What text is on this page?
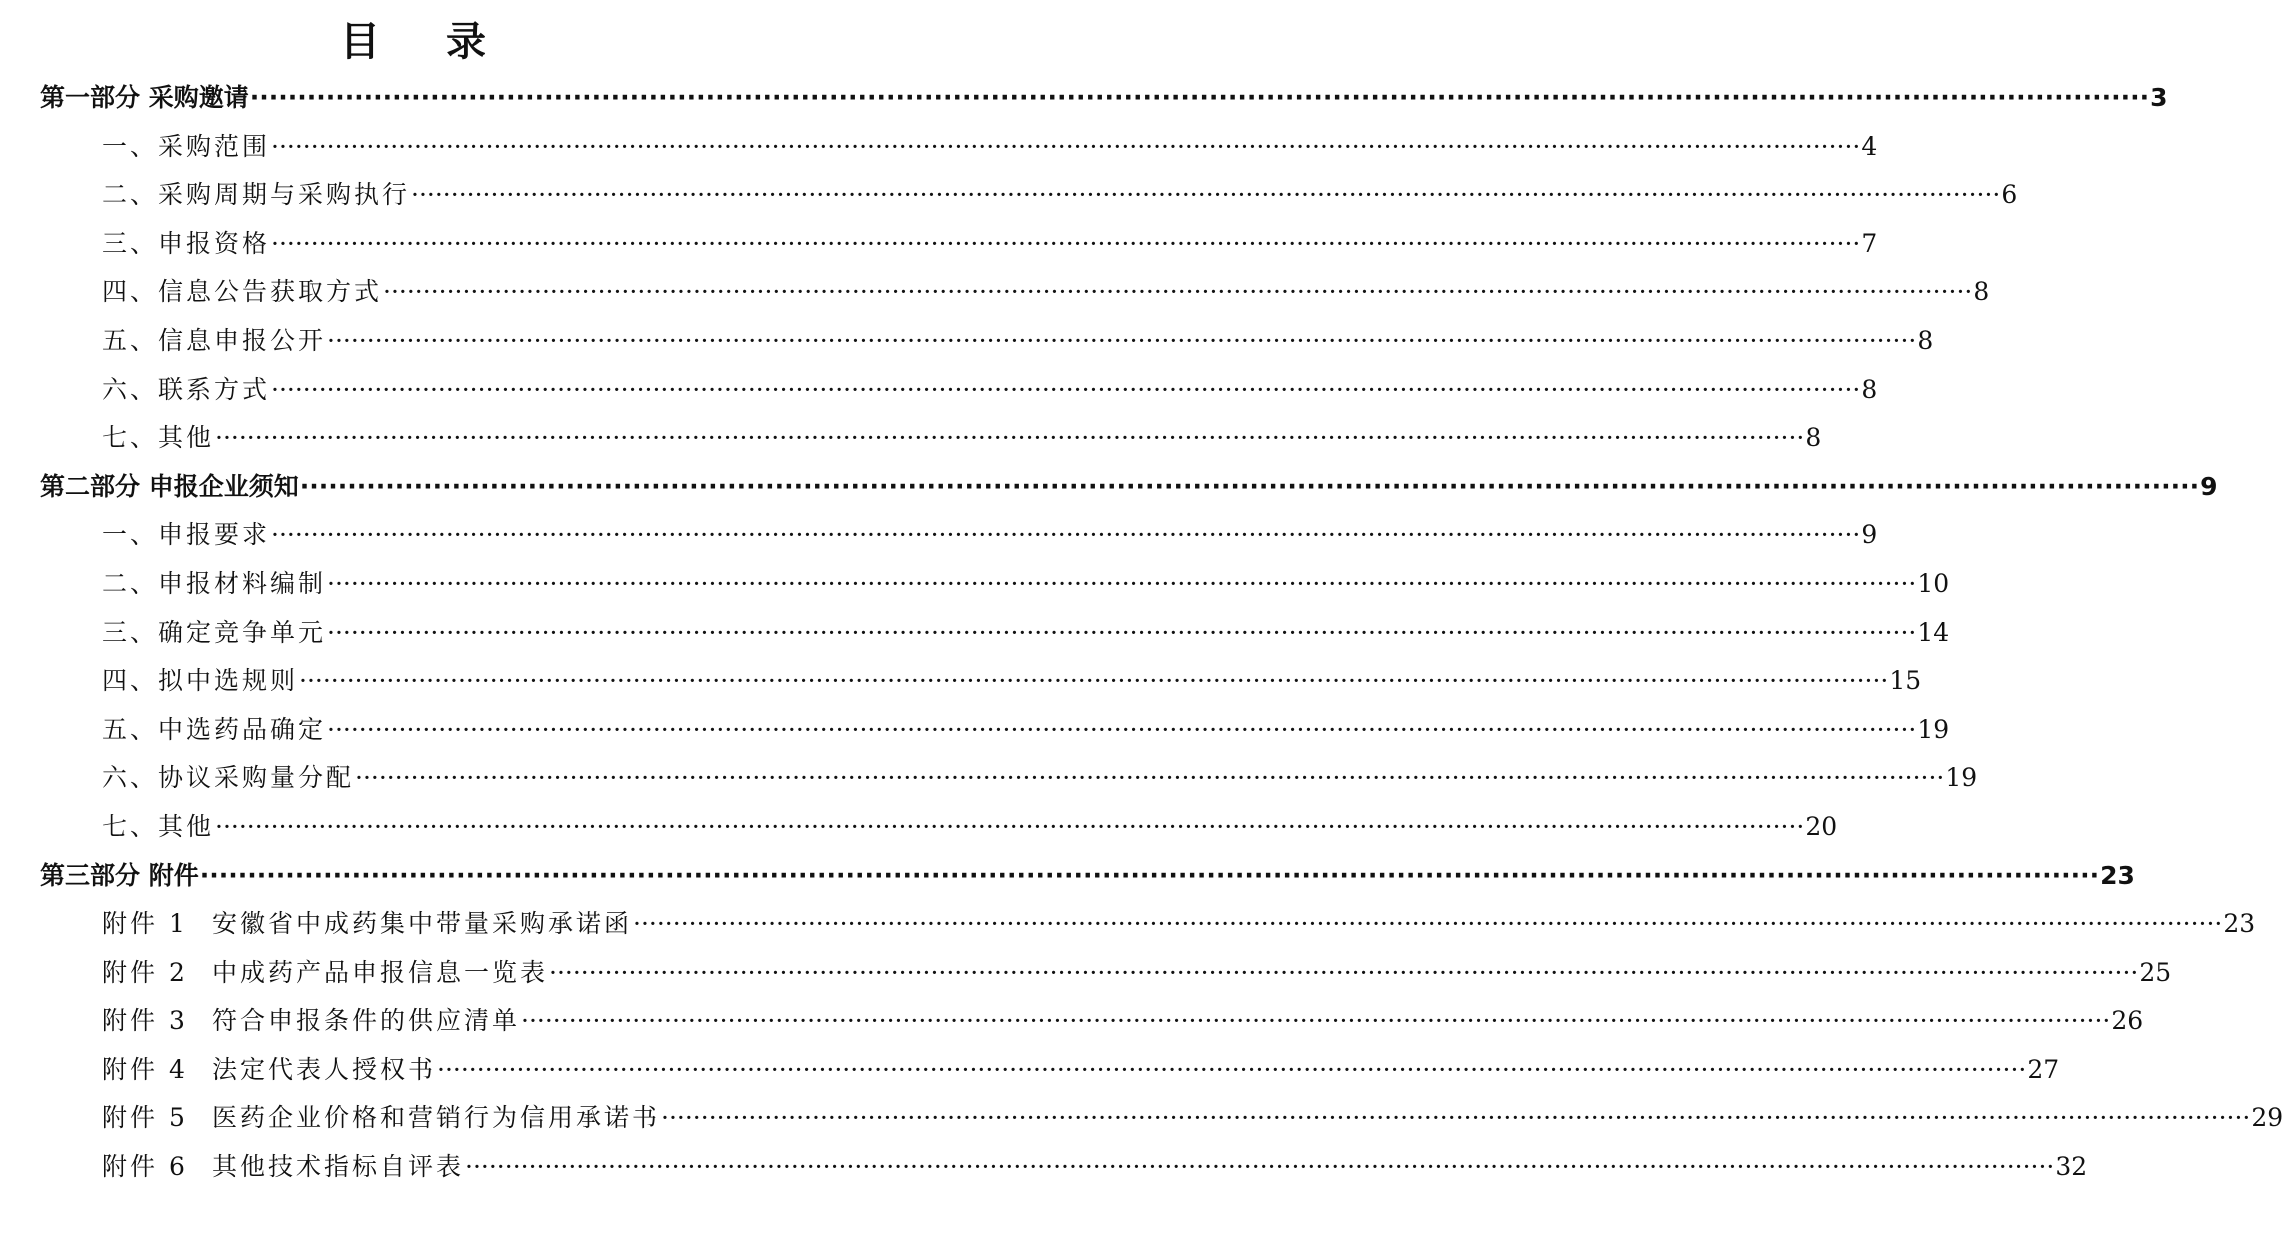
目 录
第一部分 采购邀请 ········································································································································································································ 3
一、采购范围 ········································································································································································································ 4
二、采购周期与采购执行 ········································································································································································································ 6
三、申报资格 ········································································································································································································ 7
四、信息公告获取方式 ········································································································································································································ 8
五、信息申报公开 ········································································································································································································ 8
六、联系方式 ········································································································································································································ 8
七、其他 ········································································································································································································ 8
第二部分 申报企业须知 ········································································································································································································ 9
一、申报要求 ········································································································································································································ 9
二、申报材料编制 ········································································································································································································ 10
三、确定竞争单元 ········································································································································································································ 14
四、拟中选规则 ········································································································································································································ 15
五、中选药品确定 ········································································································································································································ 19
六、协议采购量分配 ········································································································································································································ 19
七、其他 ········································································································································································································ 20
第三部分 附件 ········································································································································································································ 23
附件 1 安徽省中成药集中带量采购承诺函 ········································································································································································································ 23
附件 2 中成药产品申报信息一览表 ········································································································································································································ 25
附件 3 符合申报条件的供应清单 ········································································································································································································ 26
附件 4 法定代表人授权书 ········································································································································································································ 27
附件 5 医药企业价格和营销行为信用承诺书 ········································································································································································································ 29
附件 6 其他技术指标自评表 ········································································································································································································ 32
